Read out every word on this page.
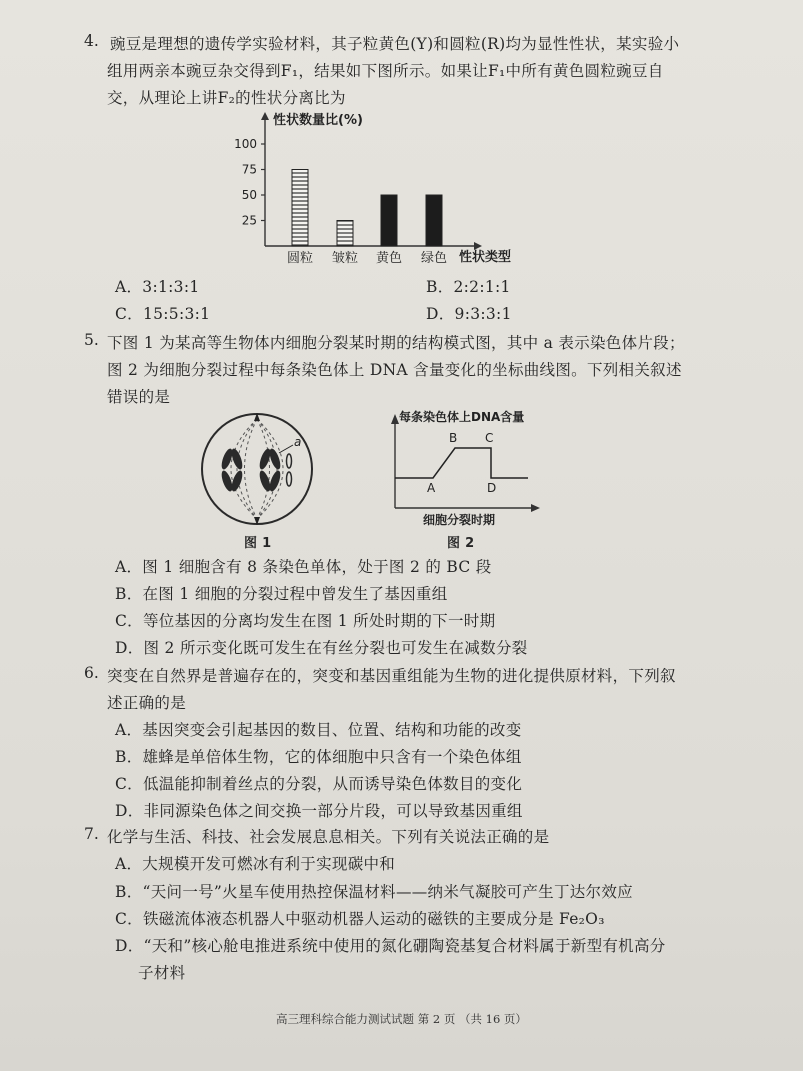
4. 豌豆是理想的遗传学实验材料，其子粒黄色(Y)和圆粒(R)均为显性性状，某实验小
组用两亲本豌豆杂交得到F₁，结果如下图所示。如果让F₁中所有黄色圆粒豌豆自
交，从理论上讲F₂的性状分离比为
性状数量比(%)
100
75
50
25
圆粒 皱粒 黄色 绿色 性状类型
A．3:1:3:1	B．2:2:1:1
C．15:5:3:1	D．9:3:3:1
5. 下图 1 为某高等生物体内细胞分裂某时期的结构模式图，其中 a 表示染色体片段；
图 2 为细胞分裂过程中每条染色体上 DNA 含量变化的坐标曲线图。下列相关叙述
错误的是
a
图 1
每条染色体上DNA含量
A
B C
D
细胞分裂时期
图 2
A．图 1 细胞含有 8 条染色单体，处于图 2 的 BC 段
B．在图 1 细胞的分裂过程中曾发生了基因重组
C．等位基因的分离均发生在图 1 所处时期的下一时期
D．图 2 所示变化既可发生在有丝分裂也可发生在减数分裂
6. 突变在自然界是普遍存在的，突变和基因重组能为生物的进化提供原材料，下列叙
述正确的是
A．基因突变会引起基因的数目、位置、结构和功能的改变
B．雄蜂是单倍体生物，它的体细胞中只含有一个染色体组
C．低温能抑制着丝点的分裂，从而诱导染色体数目的变化
D．非同源染色体之间交换一部分片段，可以导致基因重组
7. 化学与生活、科技、社会发展息息相关。下列有关说法正确的是
A．大规模开发可燃冰有利于实现碳中和
B．“天问一号”火星车使用热控保温材料——纳米气凝胶可产生丁达尔效应
C．铁磁流体液态机器人中驱动机器人运动的磁铁的主要成分是 Fe₂O₃
D．“天和”核心舱电推进系统中使用的氮化硼陶瓷基复合材料属于新型有机高分
子材料
高三理科综合能力测试试题 第 2 页 （共 16 页）
